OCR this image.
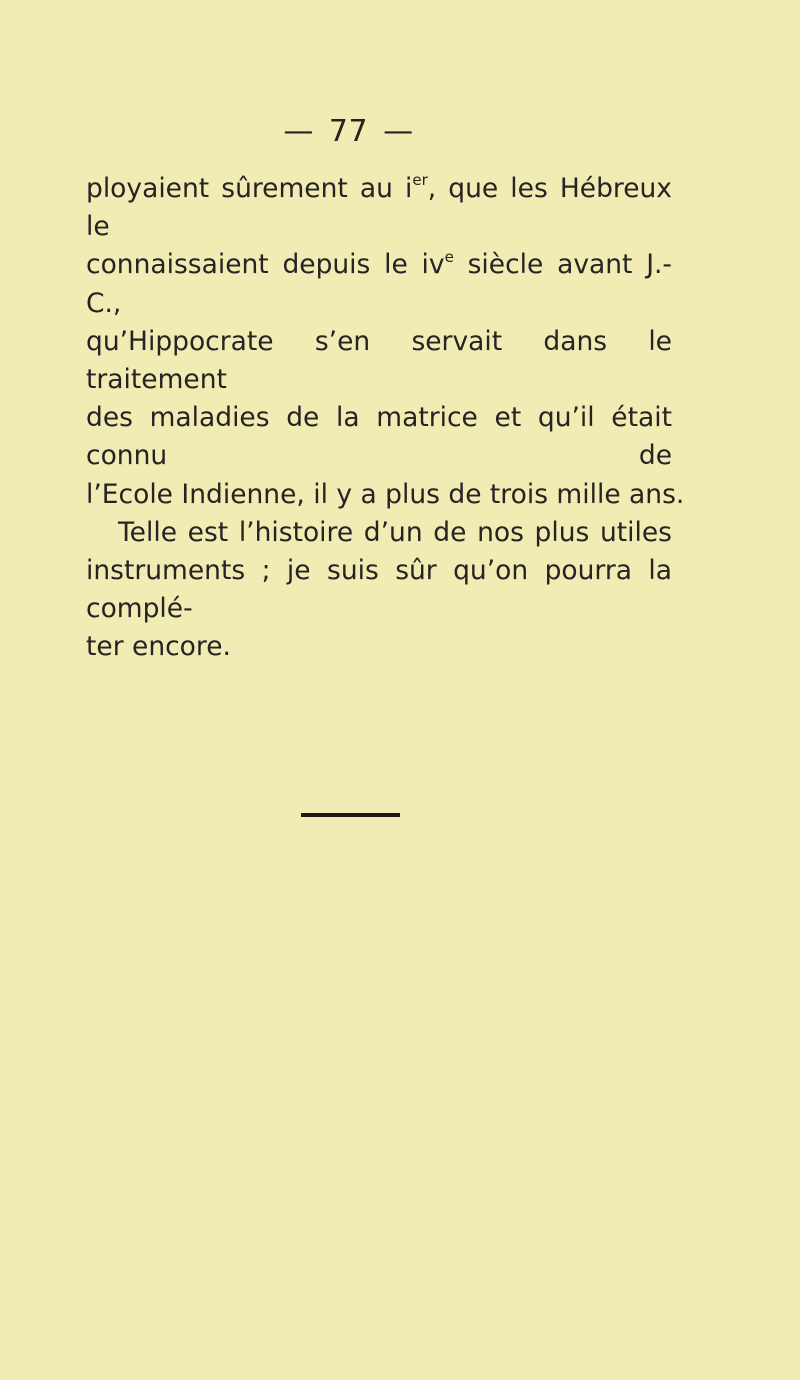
— 77 —
ployaient sûrement au $i^{er}$, que les Hébreux le
connaissaient depuis le $iv^e$ siècle avant J.-C.,
qu’Hippocrate s’en servait dans le traitement
des maladies de la matrice et qu’il était connu de
l’Ecole Indienne, il y a plus de trois mille ans.
Telle est l’histoire d’un de nos plus utiles
instruments ; je suis sûr qu’on pourra la complé-
ter encore.
